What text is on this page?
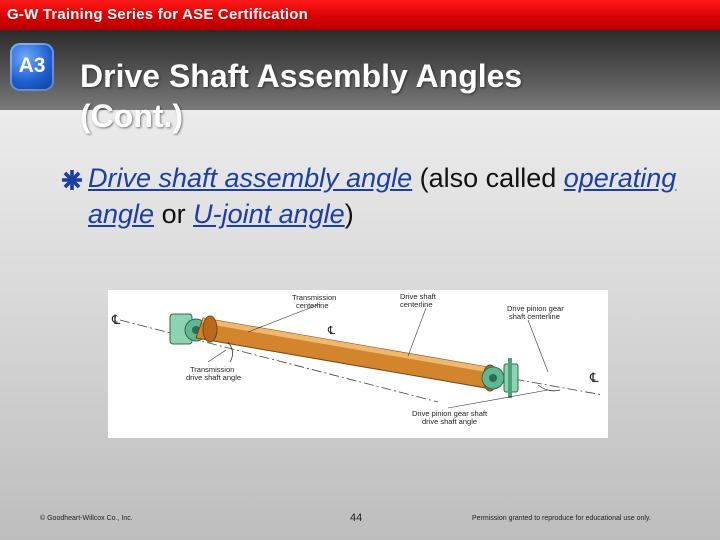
G-W Training Series for ASE Certification
Drive Shaft Assembly Angles
(Cont.)
A3
Drive shaft assembly angle (also called operating angle or U-joint angle)
℄
℄
℄
Transmission centerline
Drive shaft centerline	Drive pinion gear shaft centerline
Transmission drive shaft angle
Drive pinion gear shaft drive shaft angle
© Goodheart-Willcox Co., Inc.	44	Permission granted to reproduce for educational use only.
